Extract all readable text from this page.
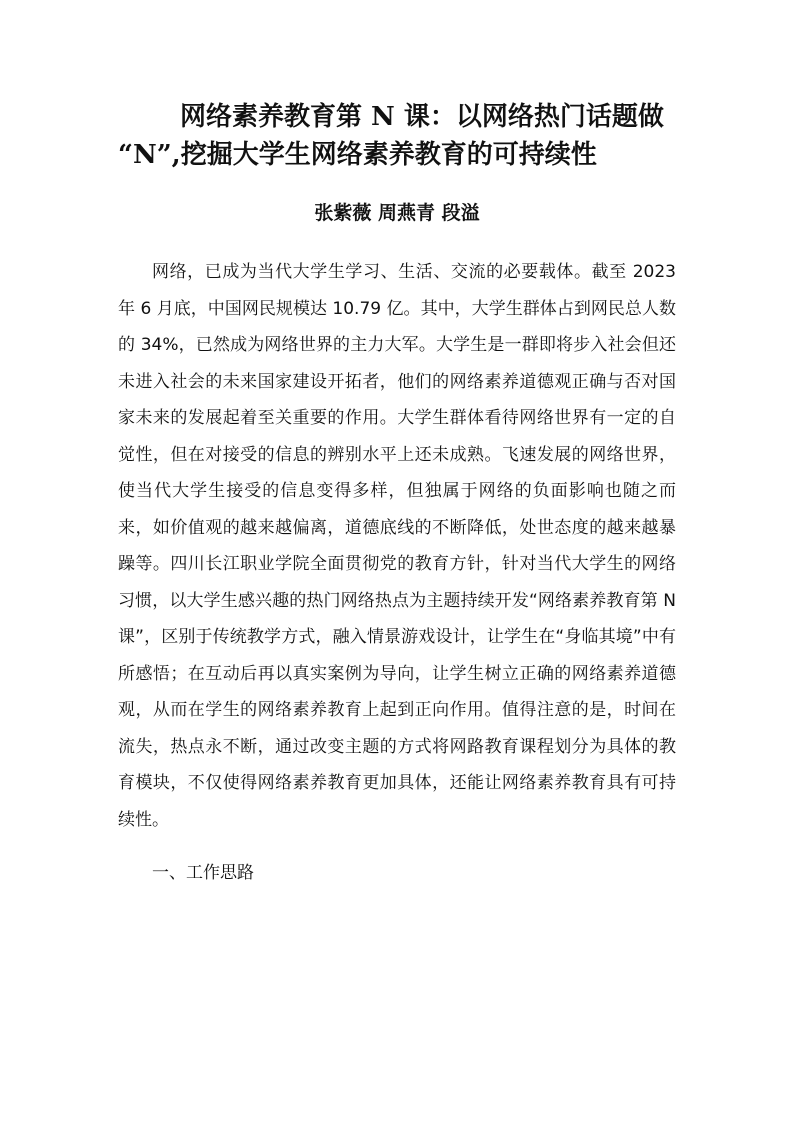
网络素养教育第 N 课：以网络热门话题做
“N”,挖掘大学生网络素养教育的可持续性
张紫薇 周燕青 段溢

网络，已成为当代大学生学习、生活、交流的必要载体。截至 2023 年 6 月底，中国网民规模达 10.79 亿。其中，大学生群体占到网民总人数的 34%，已然成为网络世界的主力大军。大学生是一群即将步入社会但还未进入社会的未来国家建设开拓者，他们的网络素养道德观正确与否对国家未来的发展起着至关重要的作用。大学生群体看待网络世界有一定的自觉性，但在对接受的信息的辨别水平上还未成熟。飞速发展的网络世界，使当代大学生接受的信息变得多样，但独属于网络的负面影响也随之而来，如价值观的越来越偏离，道德底线的不断降低，处世态度的越来越暴躁等。四川长江职业学院全面贯彻党的教育方针，针对当代大学生的网络习惯，以大学生感兴趣的热门网络热点为主题持续开发“网络素养教育第 N 课”，区别于传统教学方式，融入情景游戏设计，让学生在“身临其境”中有所感悟；在互动后再以真实案例为导向，让学生树立正确的网络素养道德观，从而在学生的网络素养教育上起到正向作用。值得注意的是，时间在流失，热点永不断，通过改变主题的方式将网路教育课程划分为具体的教育模块，不仅使得网络素养教育更加具体，还能让网络素养教育具有可持续性。

一、工作思路
